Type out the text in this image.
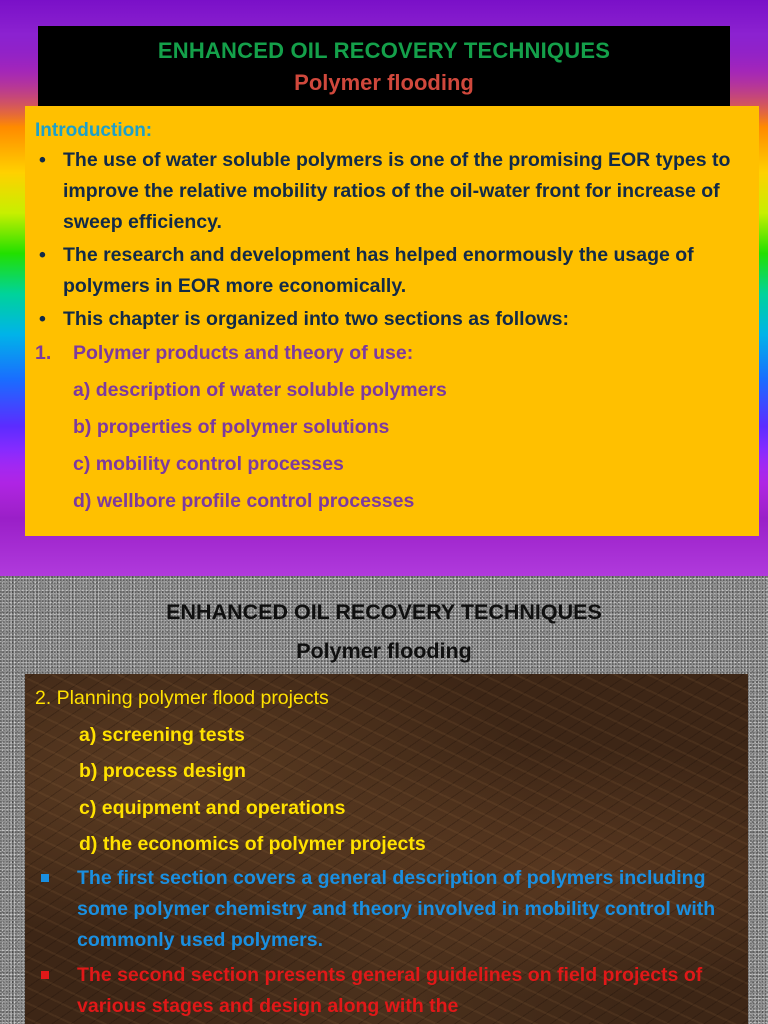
ENHANCED OIL RECOVERY TECHNIQUES
Polymer flooding
Introduction:
• The use of water soluble polymers is one of the promising EOR types to improve the relative mobility ratios of the oil-water front for increase of sweep efficiency.
• The research and development has helped enormously the usage of polymers in EOR more economically.
• This chapter is organized into two sections as follows:
1. Polymer products and theory of use:
a) description of water soluble polymers
b) properties of polymer solutions
c) mobility control processes
d) wellbore profile control processes
ENHANCED OIL RECOVERY TECHNIQUES
Polymer flooding
2. Planning polymer flood projects
a) screening tests
b) process design
c) equipment and operations
d) the economics of polymer projects
The first section covers a general description of polymers including some polymer chemistry and theory involved in mobility control with commonly used polymers.
The second section presents general guidelines on field projects of various stages and design along with the
